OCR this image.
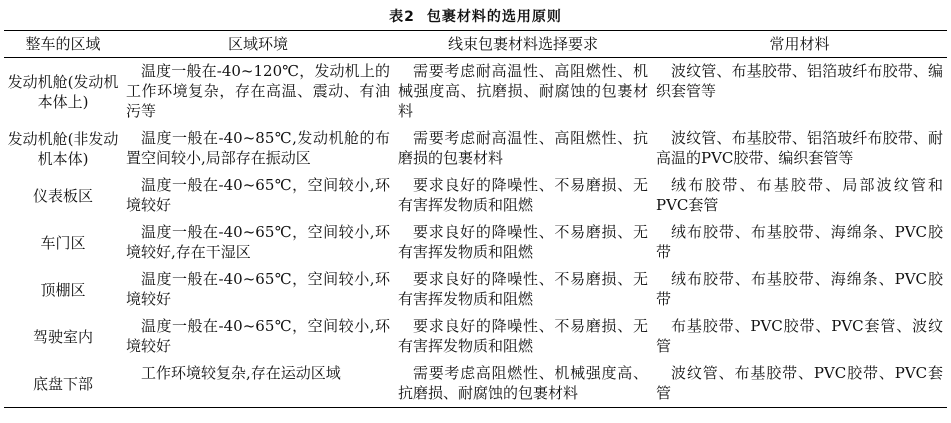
表2 包裹材料的选用原则
整车的区域	区域环境	线束包裹材料选择要求	常用材料
发动机舱(发动机本体上)	温度一般在-40~120℃，发动机上的工作环境复杂，存在高温、震动、有油污等	需要考虑耐高温性、高阻燃性、机械强度高、抗磨损、耐腐蚀的包裹材料	波纹管、布基胶带、铝箔玻纤布胶带、编织套管等
发动机舱(非发动机本体)	温度一般在-40~85℃,发动机舱的布置空间较小,局部存在振动区	需要考虑耐高温性、高阻燃性、抗磨损的包裹材料	波纹管、布基胶带、铝箔玻纤布胶带、耐高温的PVC胶带、编织套管等
仪表板区	温度一般在-40~65℃，空间较小,环境较好	要求良好的降噪性、不易磨损、无有害挥发物质和阻燃	绒布胶带、布基胶带、局部波纹管和PVC套管
车门区	温度一般在-40~65℃，空间较小,环境较好,存在干湿区	要求良好的降噪性、不易磨损、无有害挥发物质和阻燃	绒布胶带、布基胶带、海绵条、PVC胶带
顶棚区	温度一般在-40~65℃，空间较小,环境较好	要求良好的降噪性、不易磨损、无有害挥发物质和阻燃	绒布胶带、布基胶带、海绵条、PVC胶带
驾驶室内	温度一般在-40~65℃，空间较小,环境较好	要求良好的降噪性、不易磨损、无有害挥发物质和阻燃	布基胶带、PVC胶带、PVC套管、波纹管
底盘下部	工作环境较复杂,存在运动区域	需要考虑高阻燃性、机械强度高、抗磨损、耐腐蚀的包裹材料	波纹管、布基胶带、PVC胶带、PVC套管
